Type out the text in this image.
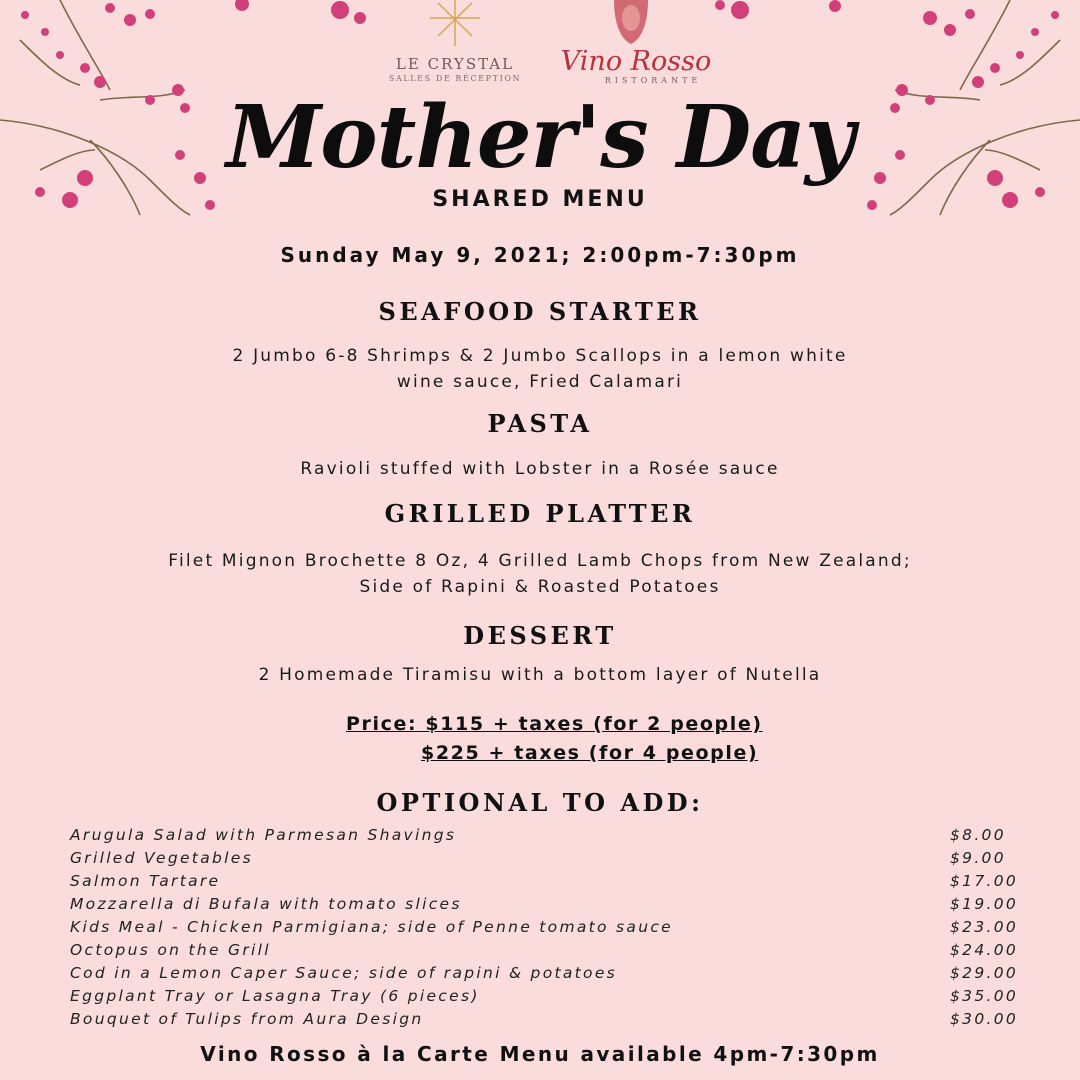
LE CRYSTAL
SALLES DE RÉCEPTION
Vino Rosso
RISTORANTE
Mother's Day
SHARED MENU
Sunday May 9, 2021; 2:00pm-7:30pm
SEAFOOD STARTER
2 Jumbo 6-8 Shrimps & 2 Jumbo Scallops in a lemon white
wine sauce, Fried Calamari
PASTA
Ravioli stuffed with Lobster in a Rosée sauce
GRILLED PLATTER
Filet Mignon Brochette 8 Oz, 4 Grilled Lamb Chops from New Zealand;
Side of Rapini & Roasted Potatoes
DESSERT
2 Homemade Tiramisu with a bottom layer of Nutella
Price: $115 + taxes (for 2 people)
$225 + taxes (for 4 people)
OPTIONAL TO ADD:
Arugula Salad with Parmesan Shavings	$8.00
Grilled Vegetables	$9.00
Salmon Tartare	$17.00
Mozzarella di Bufala with tomato slices	$19.00
Kids Meal - Chicken Parmigiana; side of Penne tomato sauce	$23.00
Octopus on the Grill	$24.00
Cod in a Lemon Caper Sauce; side of rapini & potatoes	$29.00
Eggplant Tray or Lasagna Tray (6 pieces)	$35.00
Bouquet of Tulips from Aura Design	$30.00
Vino Rosso à la Carte Menu available 4pm-7:30pm
